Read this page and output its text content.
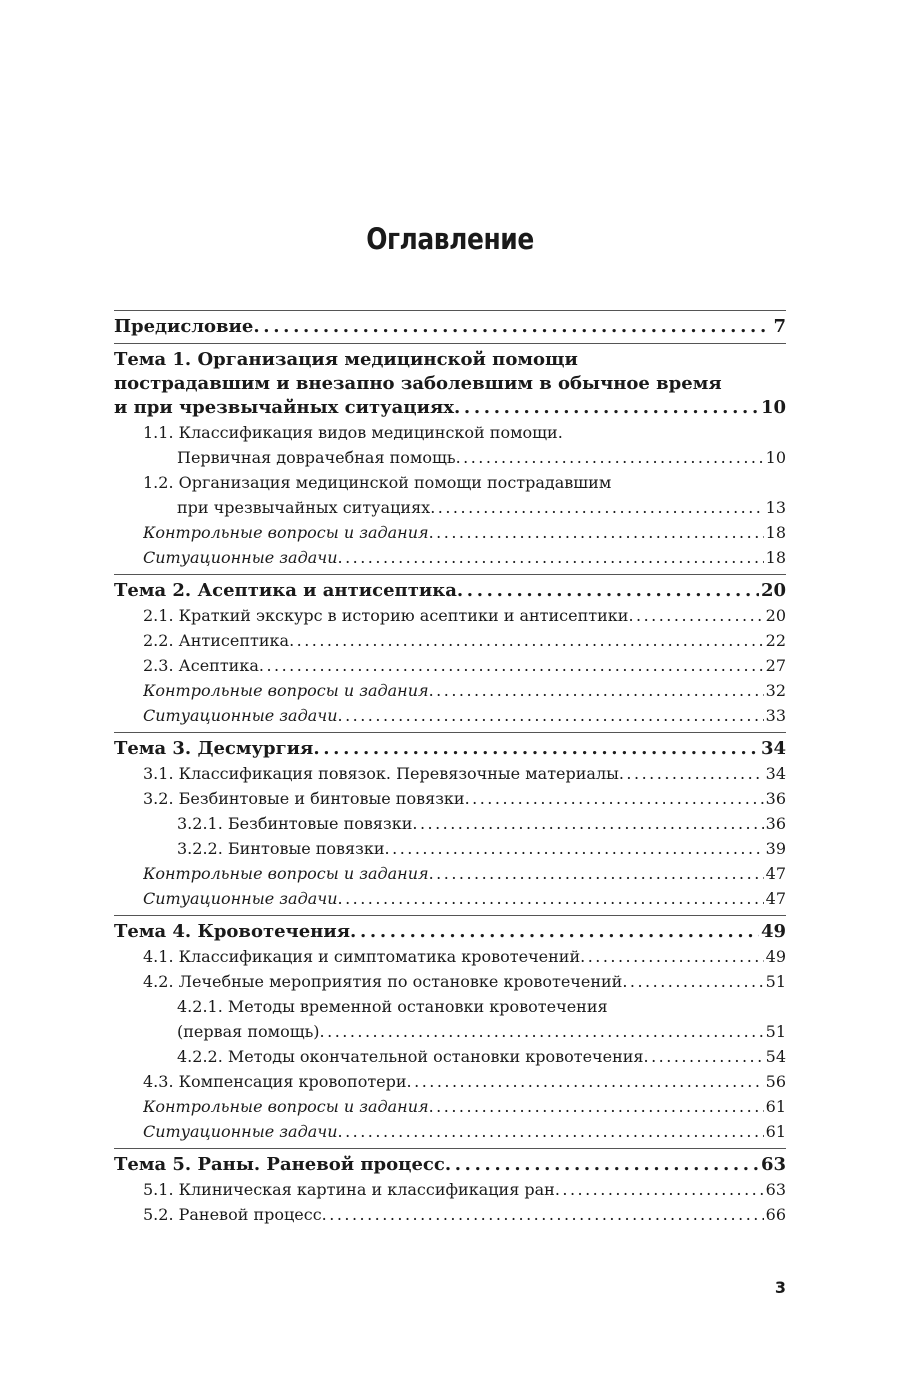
Оглавление
Предисловие . . .	7
Тема 1. Организация медицинской помощи
пострадавшим и внезапно заболевшим в обычное время
и при чрезвычайных ситуациях . . .	10
1.1. Классификация видов медицинской помощи.
Первичная доврачебная помощь . . .	10
1.2. Организация медицинской помощи пострадавшим
при чрезвычайных ситуациях . . .	13
Контрольные вопросы и задания . . .	18
Ситуационные задачи . . .	18
Тема 2. Асептика и антисептика . . .	20
2.1. Краткий экскурс в историю асептики и антисептики . . .	20
2.2. Антисептика . . .	22
2.3. Асептика . . .	27
Контрольные вопросы и задания . . .	32
Ситуационные задачи . . .	33
Тема 3. Десмургия . . .	34
3.1. Классификация повязок. Перевязочные материалы . . .	34
3.2. Безбинтовые и бинтовые повязки . . .	36
3.2.1. Безбинтовые повязки . . .	36
3.2.2. Бинтовые повязки . . .	39
Контрольные вопросы и задания . . .	47
Ситуационные задачи . . .	47
Тема 4. Кровотечения . . .	49
4.1. Классификация и симптоматика кровотечений . . .	49
4.2. Лечебные мероприятия по остановке кровотечений . . .	51
4.2.1. Методы временной остановки кровотечения
(первая помощь) . . .	51
4.2.2. Методы окончательной остановки кровотечения . . .	54
4.3. Компенсация кровопотери . . .	56
Контрольные вопросы и задания . . .	61
Ситуационные задачи . . .	61
Тема 5. Раны. Раневой процесс . . .	63
5.1. Клиническая картина и классификация ран . . .	63
5.2. Раневой процесс . . .	66
3
